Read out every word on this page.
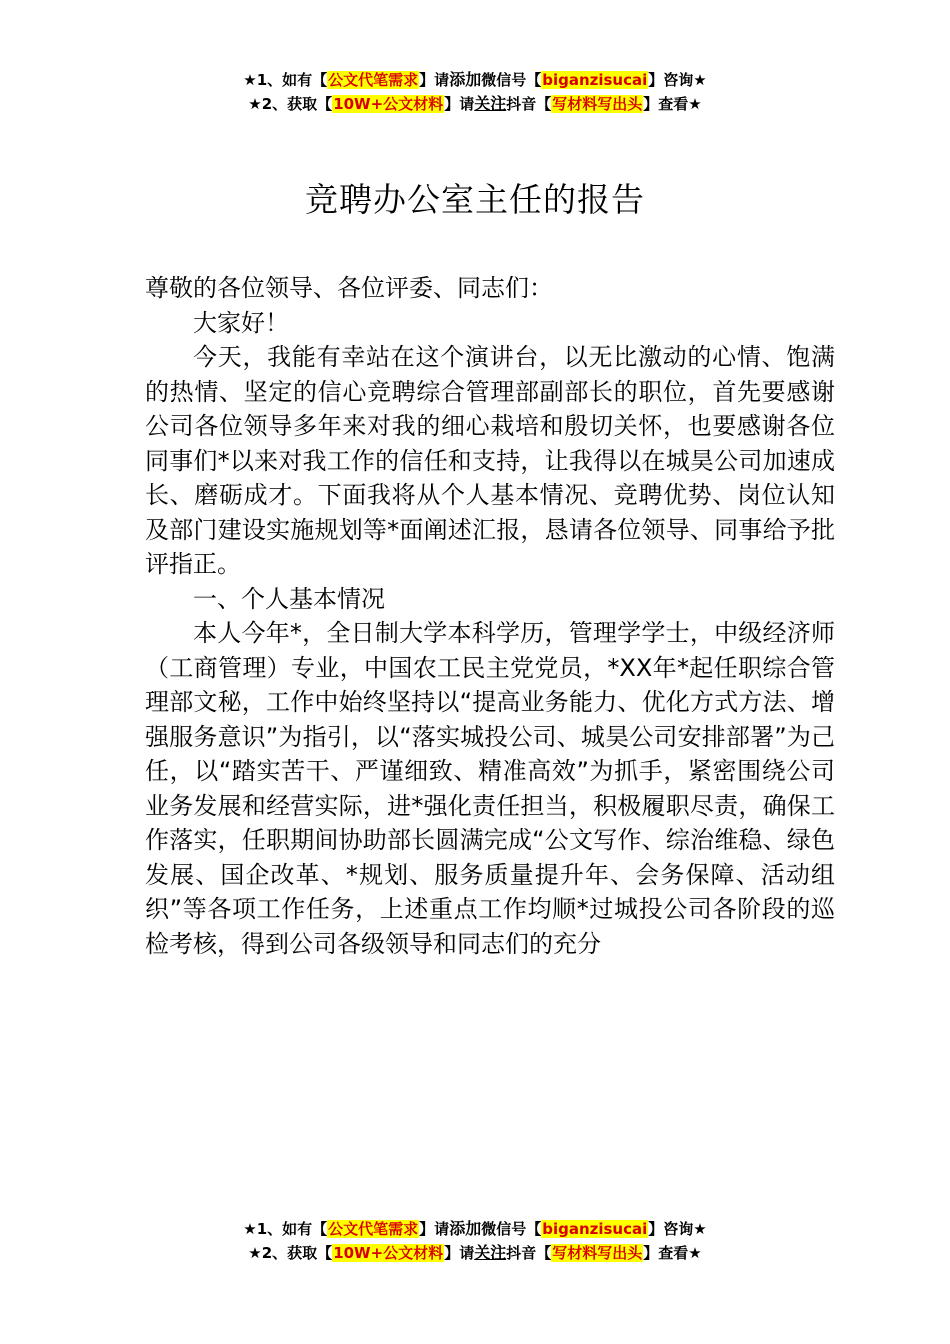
★1、如有【公文代笔需求】请添加微信号【biganzisucai】咨询★
★2、获取【10W+公文材料】请关注抖音【写材料写出头】查看★
竞聘办公室主任的报告

尊敬的各位领导、各位评委、同志们：

大家好！

今天，我能有幸站在这个演讲台，以无比激动的心情、饱满的热情、坚定的信心竞聘综合管理部副部长的职位，首先要感谢公司各位领导多年来对我的细心栽培和殷切关怀，也要感谢各位同事们*以来对我工作的信任和支持，让我得以在城昊公司加速成长、磨砺成才。下面我将从个人基本情况、竞聘优势、岗位认知及部门建设实施规划等*面阐述汇报，恳请各位领导、同事给予批评指正。

一、个人基本情况

本人今年*，全日制大学本科学历，管理学学士，中级经济师（工商管理）专业，中国农工民主党党员，*XX年*起任职综合管理部文秘，工作中始终坚持以“提高业务能力、优化方式方法、增强服务意识”为指引，以“落实城投公司、城昊公司安排部署”为己任，以“踏实苦干、严谨细致、精准高效”为抓手，紧密围绕公司业务发展和经营实际，进*强化责任担当，积极履职尽责，确保工作落实，任职期间协助部长圆满完成“公文写作、综治维稳、绿色发展、国企改革、*规划、服务质量提升年、会务保障、活动组织”等各项工作任务，上述重点工作均顺*过城投公司各阶段的巡检考核，得到公司各级领导和同志们的充分

★1、如有【公文代笔需求】请添加微信号【biganzisucai】咨询★
★2、获取【10W+公文材料】请关注抖音【写材料写出头】查看★
